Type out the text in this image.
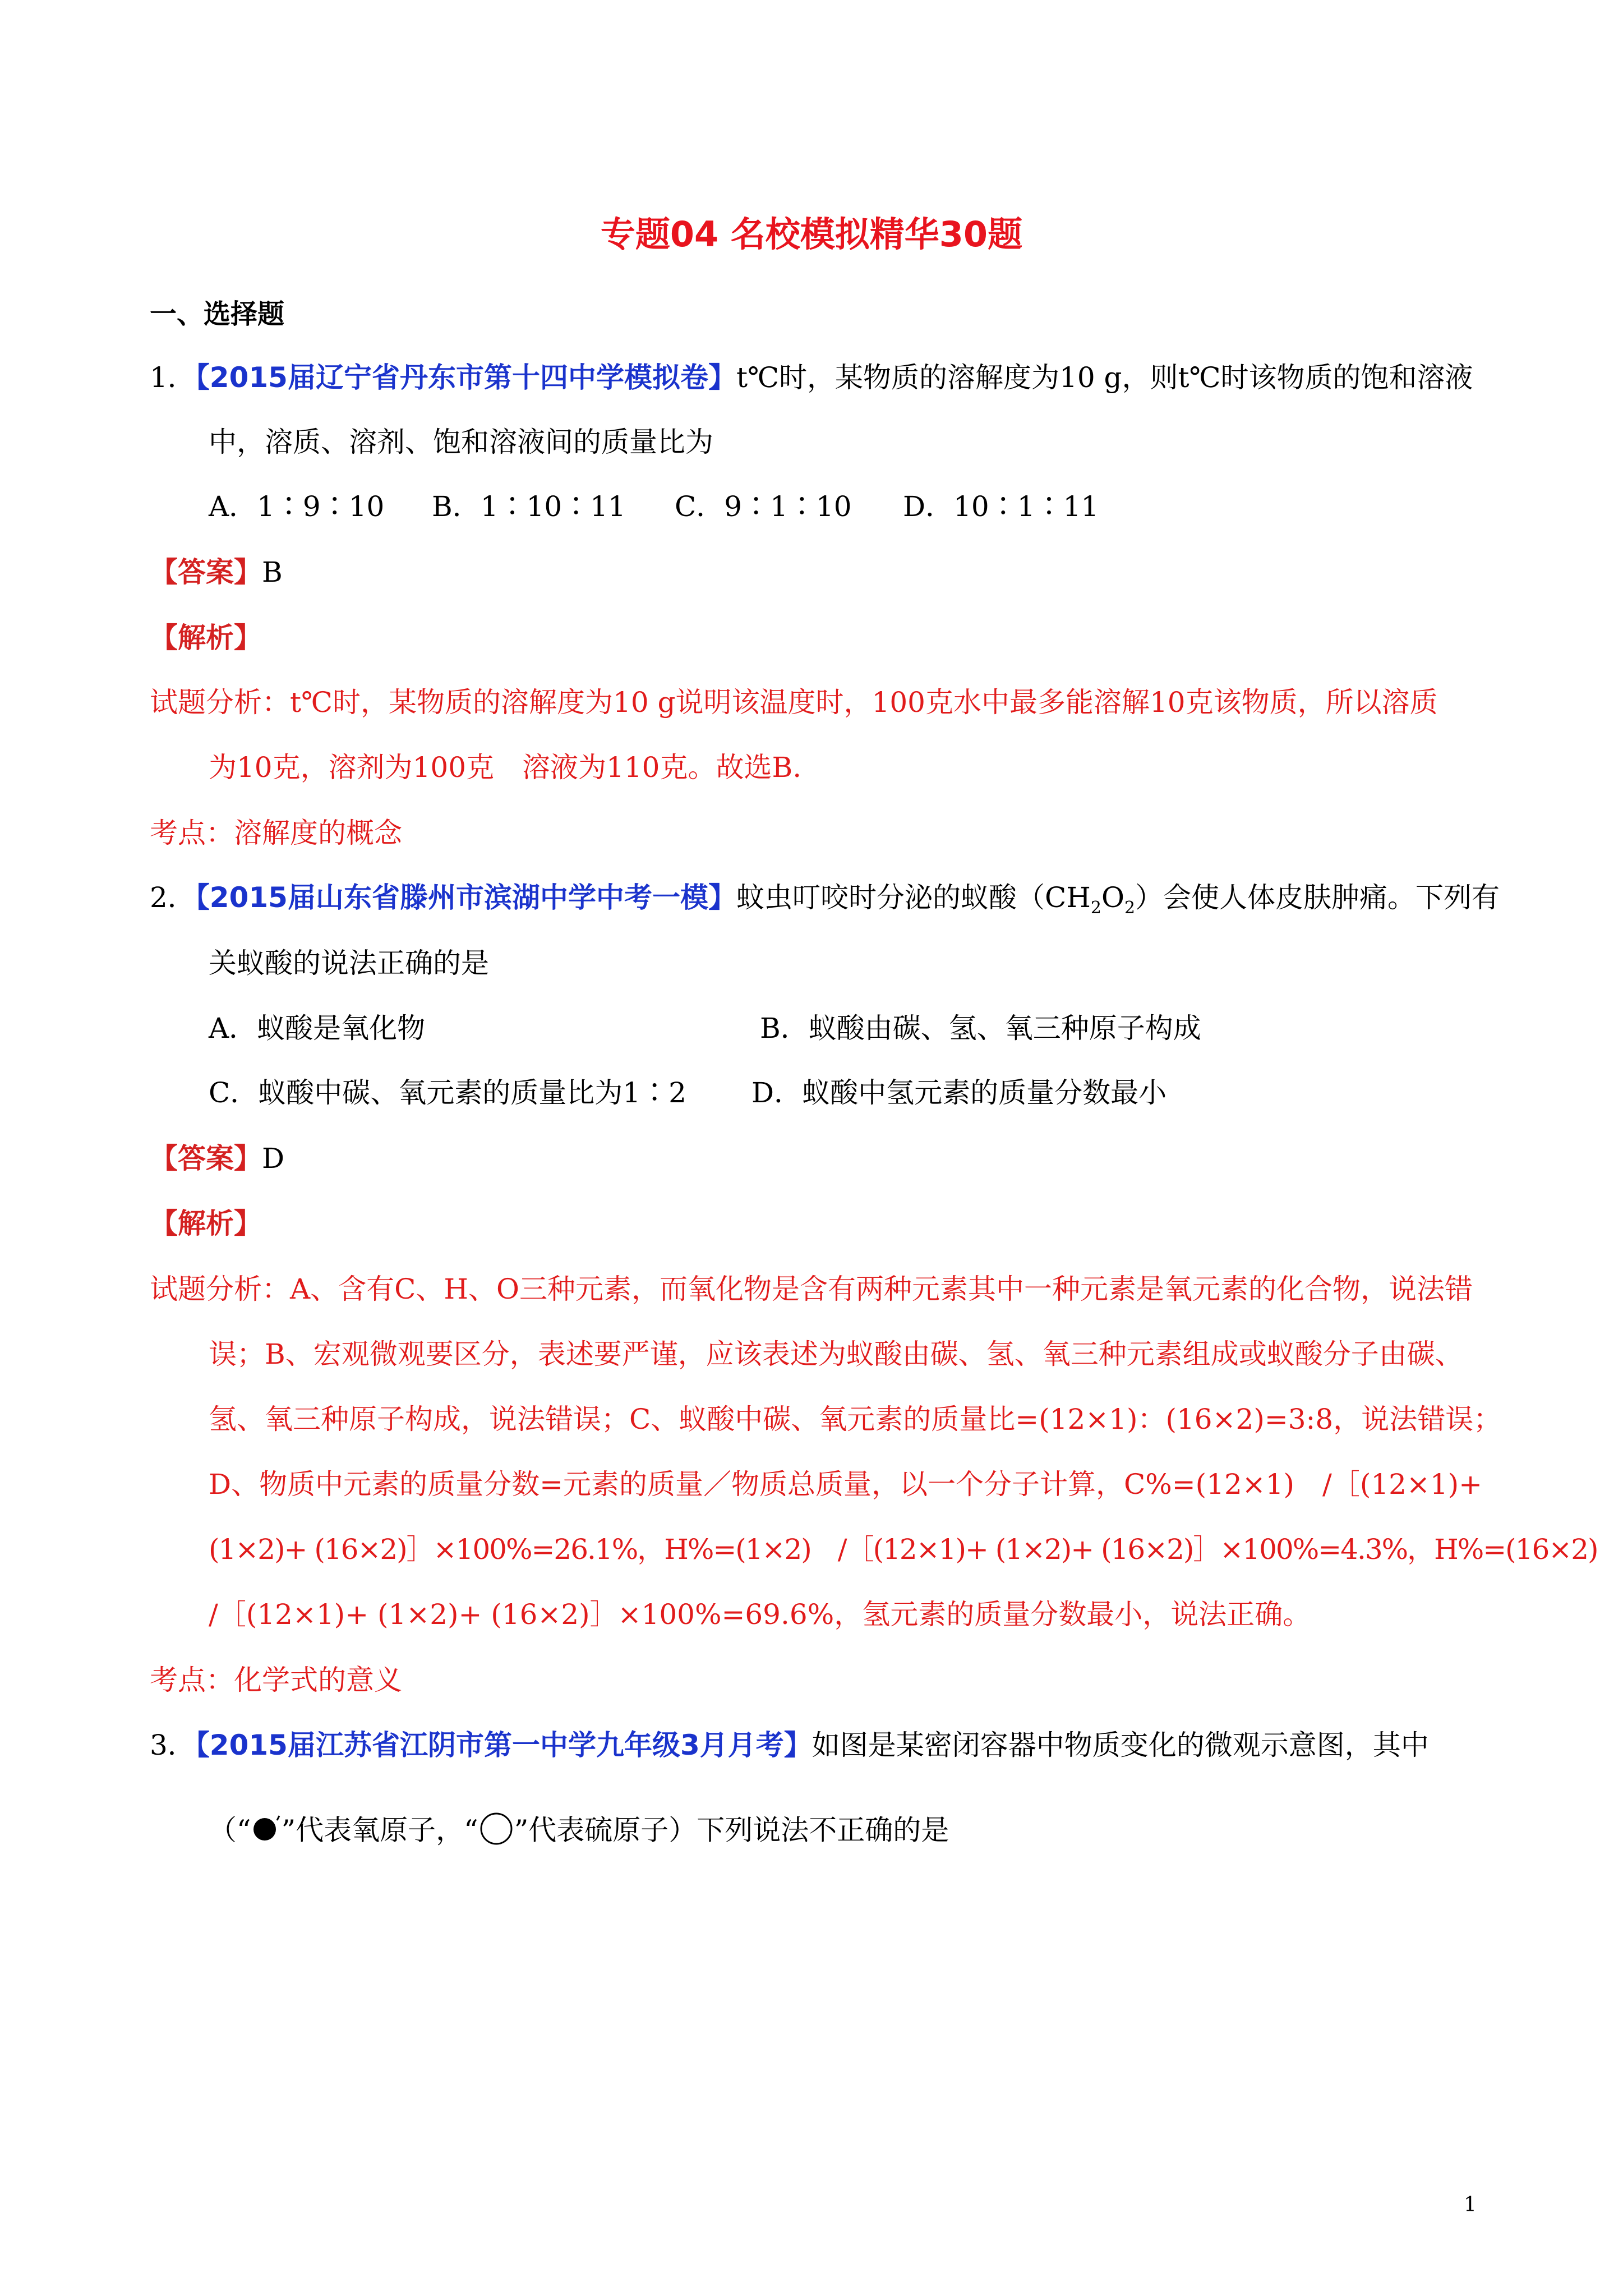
专题04 名校模拟精华30题
一、选择题
1．【2015届辽宁省丹东市第十四中学模拟卷】t℃时，某物质的溶解度为10 g，则t℃时该物质的饱和溶液
中，溶质、溶剂、饱和溶液间的质量比为
A．1∶9∶10 B．1∶10∶11 C．9∶1∶10 D．10∶1∶11
【答案】B
【解析】
试题分析：t℃时，某物质的溶解度为10 g说明该温度时，100克水中最多能溶解10克该物质，所以溶质
为10克，溶剂为100克　溶液为110克。故选B.
考点：溶解度的概念
2．【2015届山东省滕州市滨湖中学中考一模】蚊虫叮咬时分泌的蚁酸$(CH_2O_2)$会使人体皮肤肿痛。下列有
关蚁酸的说法正确的是
A．蚁酸是氧化物	B．蚁酸由碳、氢、氧三种原子构成
C．蚁酸中碳、氧元素的质量比为1∶2 D．蚁酸中氢元素的质量分数最小
【答案】D
【解析】
试题分析：A、含有C、H、O三种元素，而氧化物是含有两种元素其中一种元素是氧元素的化合物，说法错
误；B、宏观微观要区分，表述要严谨，应该表述为蚁酸由碳、氢、氧三种元素组成或蚁酸分子由碳、
氢、氧三种原子构成，说法错误；C、蚁酸中碳、氧元素的质量比=(12×1)：(16×2)=3:8，说法错误；
D、物质中元素的质量分数=元素的质量／物质总质量，以一个分子计算，C%=(12×1)　/［(12×1)+
(1×2)+ (16×2)］×100%=26.1%，H%=(1×2)　/［(12×1)+ (1×2)+ (16×2)］×100%=4.3%，H%=(16×2)
/［(12×1)+ (1×2)+ (16×2)］×100%=69.6%，氢元素的质量分数最小，说法正确。
考点：化学式的意义
3．【2015届江苏省江阴市第一中学九年级3月月考】如图是某密闭容器中物质变化的微观示意图，其中
（“ ”代表氧原子，“ ”代表硫原子）下列说法不正确的是
1
